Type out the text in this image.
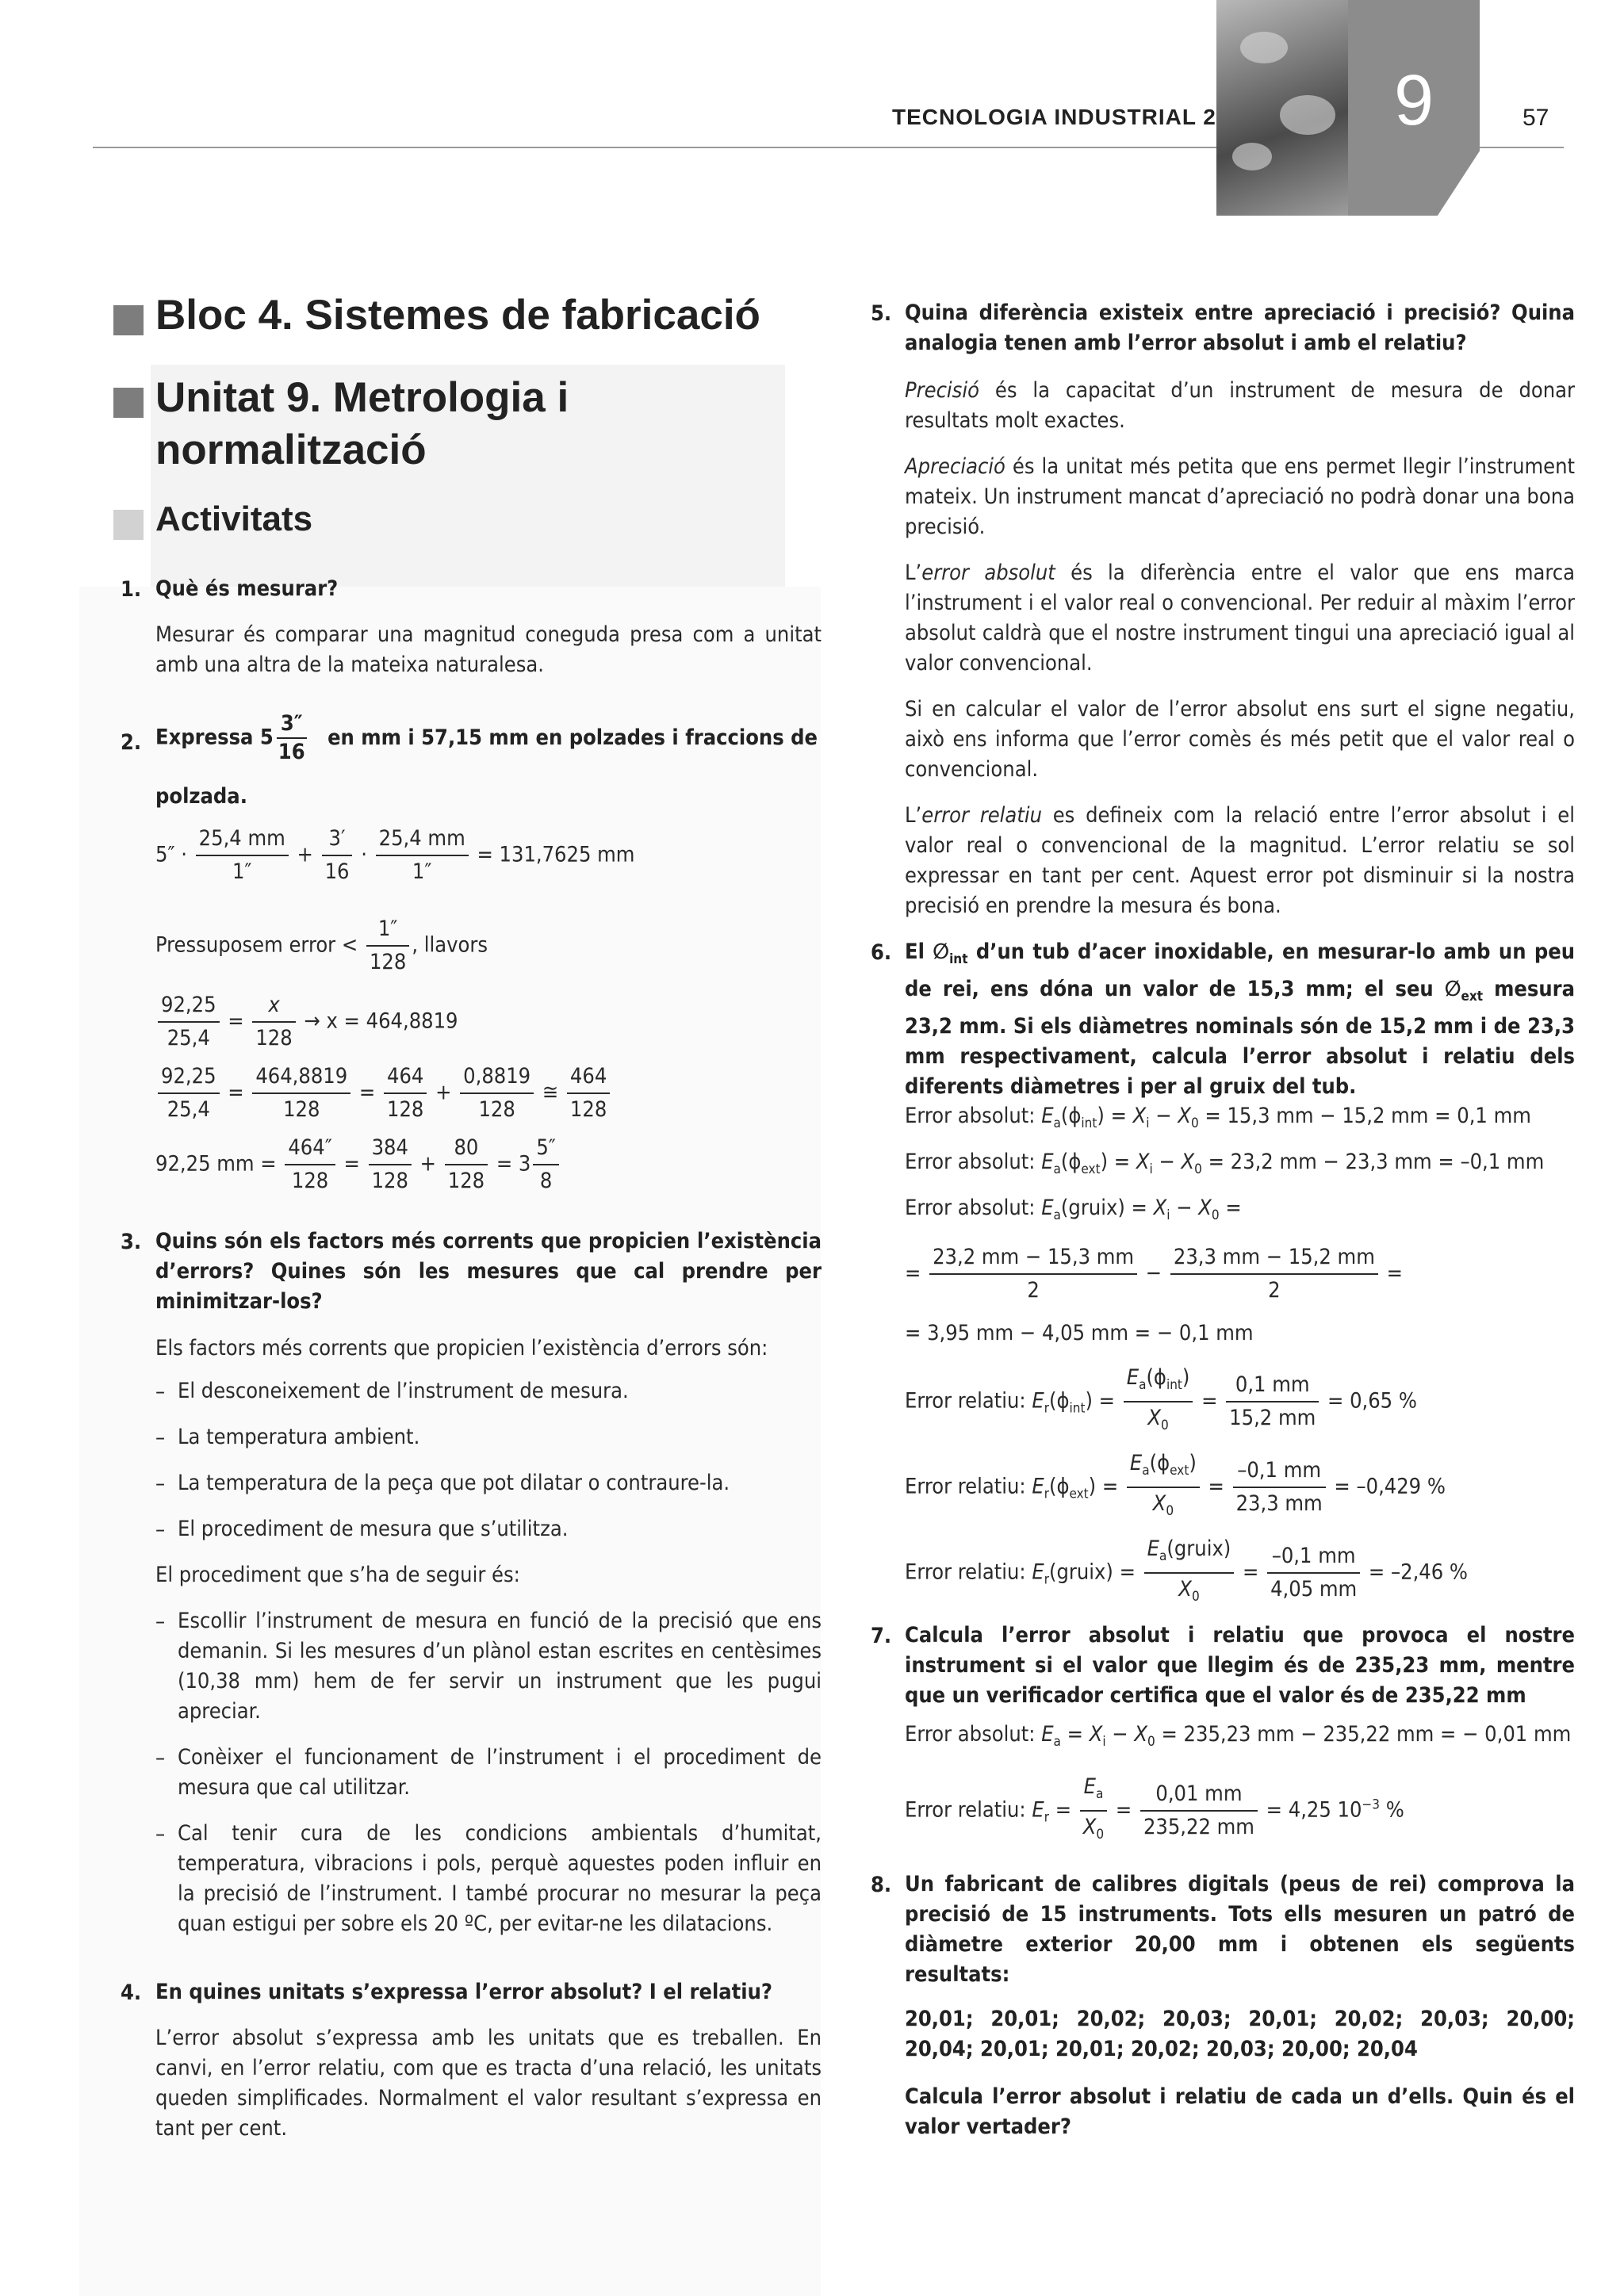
TECNOLOGIA INDUSTRIAL 2	9	57
Bloc 4. Sistemes de fabricació
Unitat 9. Metrologia i
normalització
Activitats
1. Què és mesurar?
Mesurar és comparar una magnitud coneguda presa com a unitat amb una altra de la mateixa naturalesa.
2. Expressa $5 \frac{3''}{16}$ en mm i 57,15 mm en polzades i fraccions de
polzada.
$5'' \cdot \frac{25,4 mm}{1''} + \frac{3'}{16} \cdot \frac{25,4 mm}{1''} = 131,7625$ mm
Pressuposem error < $\frac{1''}{128}$ , llavors
$\frac{92,25}{25,4} = \frac{x}{128} \to x = 464,8819$
$\frac{92,25}{25,4} = \frac{464,8819}{128} = \frac{464}{128} + \frac{0,8819}{128}$ ≅ $\frac{464}{128}$
92,25 mm = $\frac{464''}{128} = \frac{384}{128} + \frac{80}{128} = 3 \frac{5''}{8}$
3. Quins són els factors més corrents que propicien l’existència d’errors? Quines són les mesures que cal prendre per minimitzar-los?
Els factors més corrents que propicien l’existència d’errors són:
– El desconeixement de l’instrument de mesura.
– La temperatura ambient.
– La temperatura de la peça que pot dilatar o contraure-la.
– El procediment de mesura que s’utilitza.
El procediment que s’ha de seguir és:
– Escollir l’instrument de mesura en funció de la precisió que ens demanin. Si les mesures d’un plànol estan escrites en centèsimes (10,38 mm) hem de fer servir un instrument que les pugui apreciar.
– Conèixer el funcionament de l’instrument i el procediment de mesura que cal utilitzar.
– Cal tenir cura de les condicions ambientals d’humitat, temperatura, vibracions i pols, perquè aquestes poden influir en la precisió de l’instrument. I també procurar no mesurar la peça quan estigui per sobre els 20 ºC, per evitar-ne les dilatacions.
4. En quines unitats s’expressa l’error absolut? I el relatiu?
L’error absolut s’expressa amb les unitats que es treballen. En canvi, en l’error relatiu, com que es tracta d’una relació, les unitats queden simplificades. Normalment el valor resultant s’expressa en tant per cent.
5. Quina diferència existeix entre apreciació i precisió? Quina analogia tenen amb l’error absolut i amb el relatiu?
Precisió és la capacitat d’un instrument de mesura de donar resultats molt exactes.
Apreciació és la unitat més petita que ens permet llegir l’instrument mateix. Un instrument mancat d’apreciació no podrà donar una bona precisió.
L’error absolut és la diferència entre el valor que ens marca l’instrument i el valor real o convencional. Per reduir al màxim l’error absolut caldrà que el nostre instrument tingui una apreciació igual al valor convencional.
Si en calcular el valor de l’error absolut ens surt el signe negatiu, això ens informa que l’error comès és més petit que el valor real o convencional.
L’error relatiu es defineix com la relació entre l’error absolut i el valor real o convencional de la magnitud. L’error relatiu se sol expressar en tant per cent. Aquest error pot disminuir si la nostra precisió en prendre la mesura és bona.
6. El $\emptyset_{int}$ d’un tub d’acer inoxidable, en mesurar-lo amb un peu de rei, ens dóna un valor de 15,3 mm; el seu $\emptyset_{ext}$ mesura 23,2 mm. Si els diàmetres nominals són de 15,2 mm i de 23,3 mm respectivament, calcula l’error absolut i relatiu dels diferents diàmetres i per al gruix del tub.
Error absolut: $E_a(\phi_{int}) = X_i - X_0 = 15,3$ mm − 15,2 mm = 0,1 mm
Error absolut: $E_a(\phi_{ext}) = X_i - X_0 = 23,2$ mm − 23,3 mm = –0,1 mm
Error absolut: $E_a(gruix) = X_i - X_0$ =
= $\frac{23,2 mm - 15,3 mm}{2} - \frac{23,3 mm - 15,2 mm}{2}$ =
= 3,95 mm − 4,05 mm = − 0,1 mm
Error relatiu: $E_r(\phi_{int}) = \frac{E_a(\phi_{int})}{X_0} = \frac{0,1 mm}{15,2 mm} = 0,65$ %
Error relatiu: $E_r(\phi_{ext}) = \frac{E_a(\phi_{ext})}{X_0} = \frac{-0,1 mm}{23,3 mm} = -0,429$ %
Error relatiu: $E_r(gruix) = \frac{E_a(gruix)}{X_0} = \frac{-0,1 mm}{4,05 mm} = -2,46$ %
7. Calcula l’error absolut i relatiu que provoca el nostre instrument si el valor que llegim és de 235,23 mm, mentre que un verificador certifica que el valor és de 235,22 mm
Error absolut: $E_a = X_i - X_0 = 235,23$ mm − 235,22 mm = − 0,01 mm
Error relatiu: $E_r = \frac{E_a}{X_0} = \frac{0,01 mm}{235,22 mm} = 4,25$ $10^{-3}$ %
8. Un fabricant de calibres digitals (peus de rei) comprova la precisió de 15 instruments. Tots ells mesuren un patró de diàmetre exterior 20,00 mm i obtenen els següents resultats:
20,01; 20,01; 20,02; 20,03; 20,01; 20,02; 20,03; 20,00; 20,04; 20,01; 20,01; 20,02; 20,03; 20,00; 20,04
Calcula l’error absolut i relatiu de cada un d’ells. Quin és el valor vertader?
